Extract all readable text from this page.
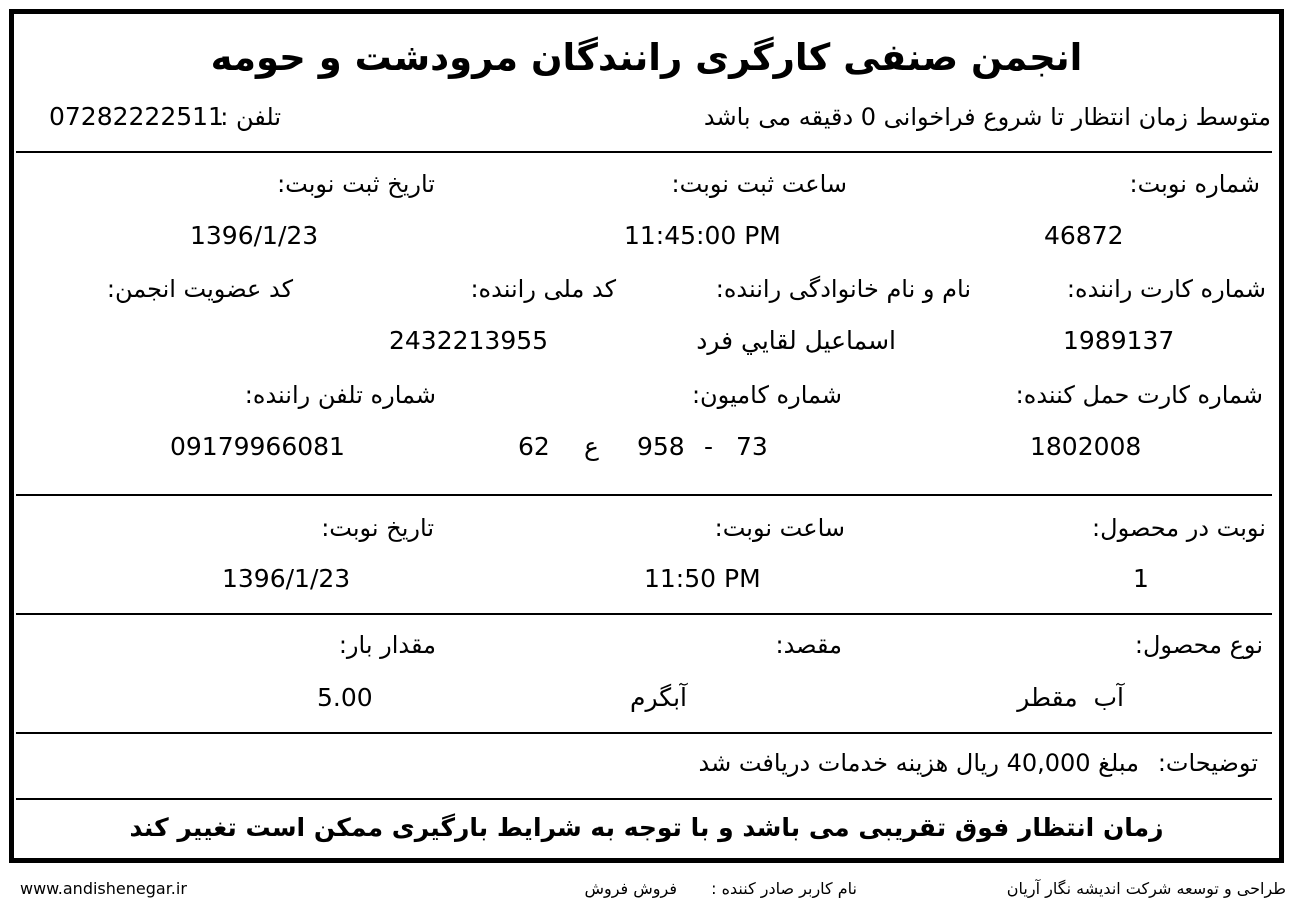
انجمن صنفی کارگری رانندگان مرودشت و حومه
متوسط زمان انتظار تا شروع فراخوانی 0 دقیقه می باشد
تلفن :
07282222511
شماره نوبت:
ساعت ثبت نوبت:
تاریخ ثبت نوبت:
46872
11:45:00 PM
1396/1/23
شماره کارت راننده:
نام و نام خانوادگی راننده:
کد ملی راننده:
کد عضویت انجمن:
1989137
اسماعيل لقايي فرد
2432213955
شماره کارت حمل کننده:
شماره کامیون:
شماره تلفن راننده:
1802008
73
-
958
ع
62
09179966081
نوبت در محصول:
ساعت نوبت:
تاریخ نوبت:
1
11:50 PM
1396/1/23
نوع محصول:
مقصد:
مقدار بار:
آب  مقطر
آبگرم
5.00
توضیحات:
مبلغ 40,000 ریال هزینه خدمات دریافت شد
زمان انتظار فوق تقریبی می باشد و با توجه به شرایط بارگیری ممکن است تغییر کند
طراحی و توسعه شرکت اندیشه نگار آریان
نام کاربر صادر کننده :
فروش فروش
www.andishenegar.ir
